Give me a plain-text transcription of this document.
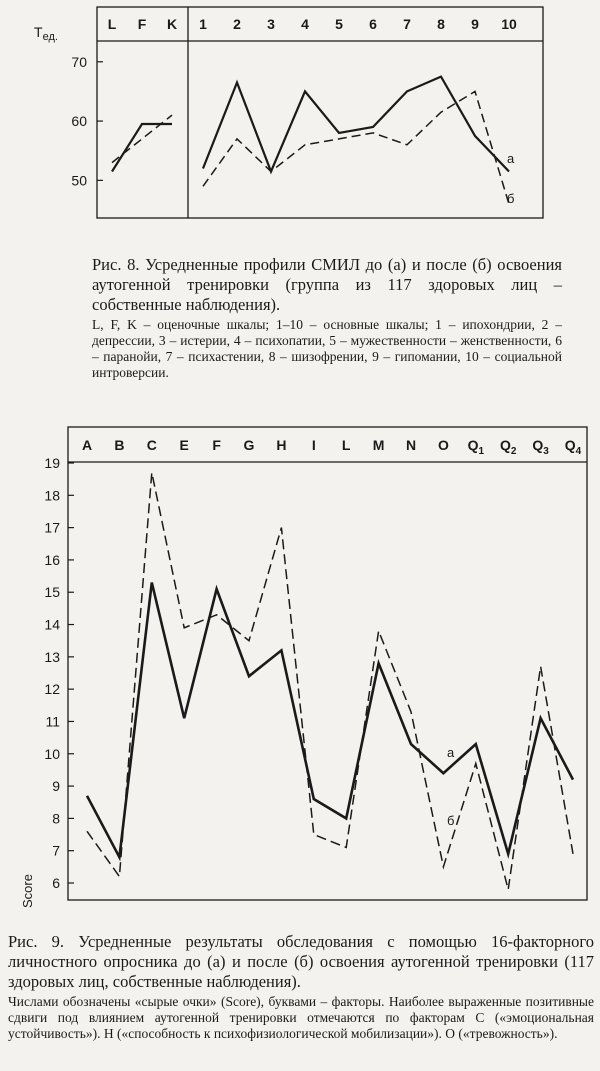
50
60
70
L F K 1 2 3 4 5 6 7 8 9 10
а
б
$T_{ед.}$
Рис. 8. Усредненные профили СМИЛ до (а) и после (б) освоения аутогенной тренировки (группа из 117 здоровых лиц – собственные наблюдения).
L, F, K – оценочные шкалы; 1–10 – основные шкалы; 1 – ипохондрии, 2 – депрессии, 3 – истерии, 4 – психопатии, 5 – мужественности – женственности, 6 – паранойи, 7 – психастении, 8 – шизофрении, 9 – гипомании, 10 – социальной интроверсии.
6
7
8
9
10
11
12
13
14
15
16
17
18
19
A B C E F G H I L M N O $Q_1$ $Q_2$ $Q_3$ $Q_4$
а
б
Score
Рис. 9. Усредненные результаты обследования с помощью 16-факторного личностного опросника до (а) и после (б) освоения аутогенной тренировки (117 здоровых лиц, собственные наблюдения).
Числами обозначены «сырые очки» (Score), буквами – факторы. Наиболее выраженные позитивные сдвиги под влиянием аутогенной тренировки отмечаются по факторам С («эмоциональная устойчивость»). Н («способность к психофизиологической мобилизации»). О («тревожность»).
